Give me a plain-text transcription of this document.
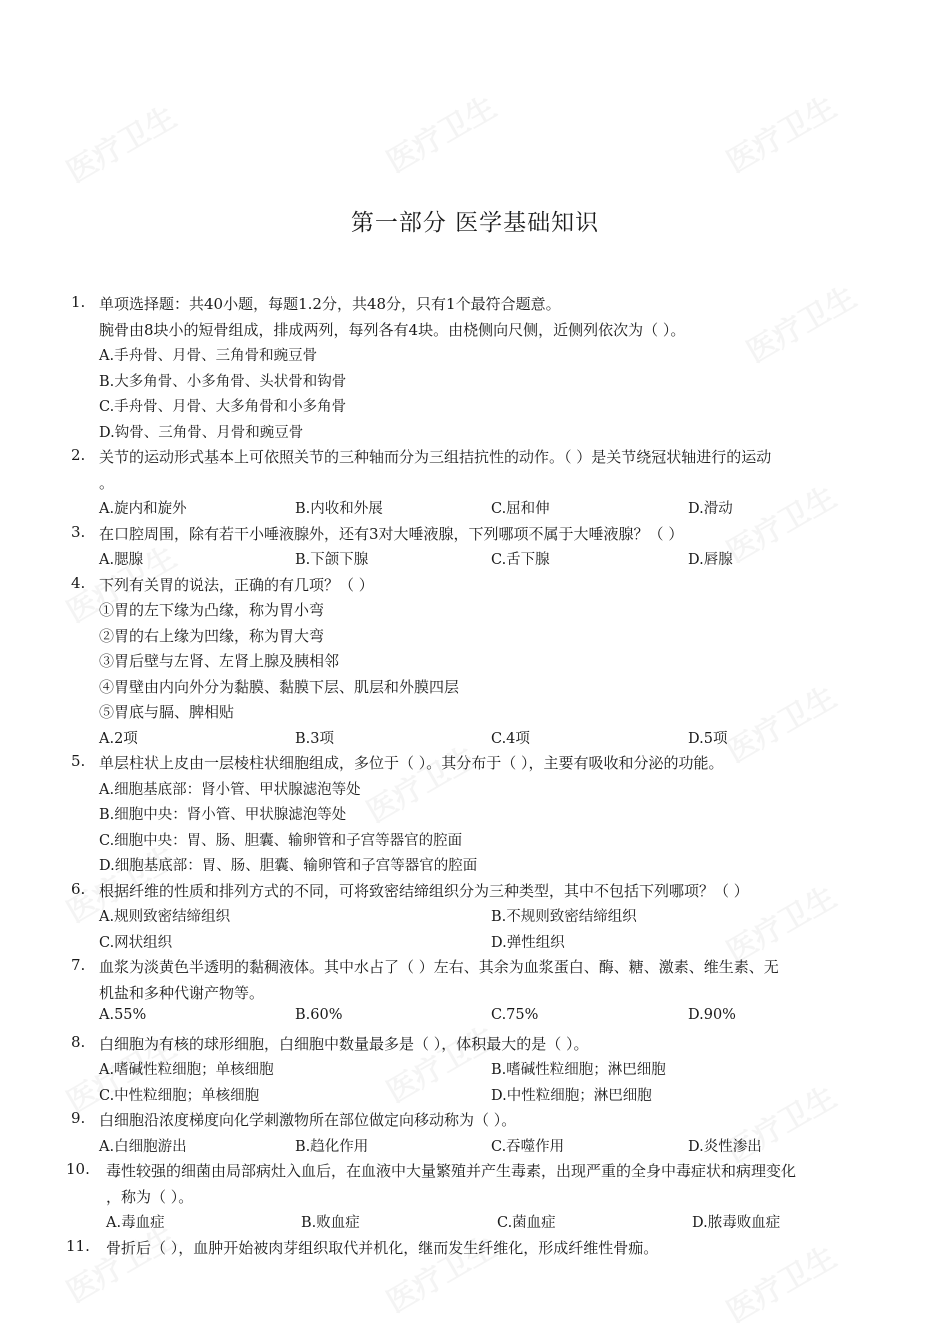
第一部分 医学基础知识
1. 单项选择题：共40小题，每题1.2分，共48分，只有1个最符合题意。
腕骨由8块小的短骨组成，排成两列，每列各有4块。由桡侧向尺侧，近侧列依次为（ ）。
A.手舟骨、月骨、三角骨和豌豆骨
B.大多角骨、小多角骨、头状骨和钩骨
C.手舟骨、月骨、大多角骨和小多角骨
D.钩骨、三角骨、月骨和豌豆骨
2. 关节的运动形式基本上可依照关节的三种轴而分为三组拮抗性的动作。（ ）是关节绕冠状轴进行的运动
。
A.旋内和旋外	B.内收和外展	C.屈和伸	D.滑动
3. 在口腔周围，除有若干小唾液腺外，还有3对大唾液腺，下列哪项不属于大唾液腺？（ ）
A.腮腺	B.下颌下腺	C.舌下腺	D.唇腺
4. 下列有关胃的说法，正确的有几项？（ ）
①胃的左下缘为凸缘，称为胃小弯
②胃的右上缘为凹缘，称为胃大弯
③胃后壁与左肾、左肾上腺及胰相邻
④胃壁由内向外分为黏膜、黏膜下层、肌层和外膜四层
⑤胃底与膈、脾相贴
A.2项	B.3项	C.4项	D.5项
5. 单层柱状上皮由一层棱柱状细胞组成，多位于（ ）。其分布于（ ），主要有吸收和分泌的功能。
A.细胞基底部：肾小管、甲状腺滤泡等处
B.细胞中央：肾小管、甲状腺滤泡等处
C.细胞中央：胃、肠、胆囊、输卵管和子宫等器官的腔面
D.细胞基底部：胃、肠、胆囊、输卵管和子宫等器官的腔面
6. 根据纤维的性质和排列方式的不同，可将致密结缔组织分为三种类型，其中不包括下列哪项？（ ）
A.规则致密结缔组织	B.不规则致密结缔组织
C.网状组织	D.弹性组织
7. 血浆为淡黄色半透明的黏稠液体。其中水占了（ ）左右、其余为血浆蛋白、酶、糖、激素、维生素、无
机盐和多种代谢产物等。
A.55%	B.60%	C.75%	D.90%
8. 白细胞为有核的球形细胞，白细胞中数量最多是（ ），体积最大的是（ ）。
A.嗜碱性粒细胞；单核细胞	B.嗜碱性粒细胞；淋巴细胞
C.中性粒细胞；单核细胞	D.中性粒细胞；淋巴细胞
9. 白细胞沿浓度梯度向化学刺激物所在部位做定向移动称为（ ）。
A.白细胞游出	B.趋化作用	C.吞噬作用	D.炎性渗出
10. 毒性较强的细菌由局部病灶入血后，在血液中大量繁殖并产生毒素，出现严重的全身中毒症状和病理变化
，称为（ ）。
A.毒血症	B.败血症	C.菌血症	D.脓毒败血症
11. 骨折后（ ），血肿开始被肉芽组织取代并机化，继而发生纤维化，形成纤维性骨痂。
